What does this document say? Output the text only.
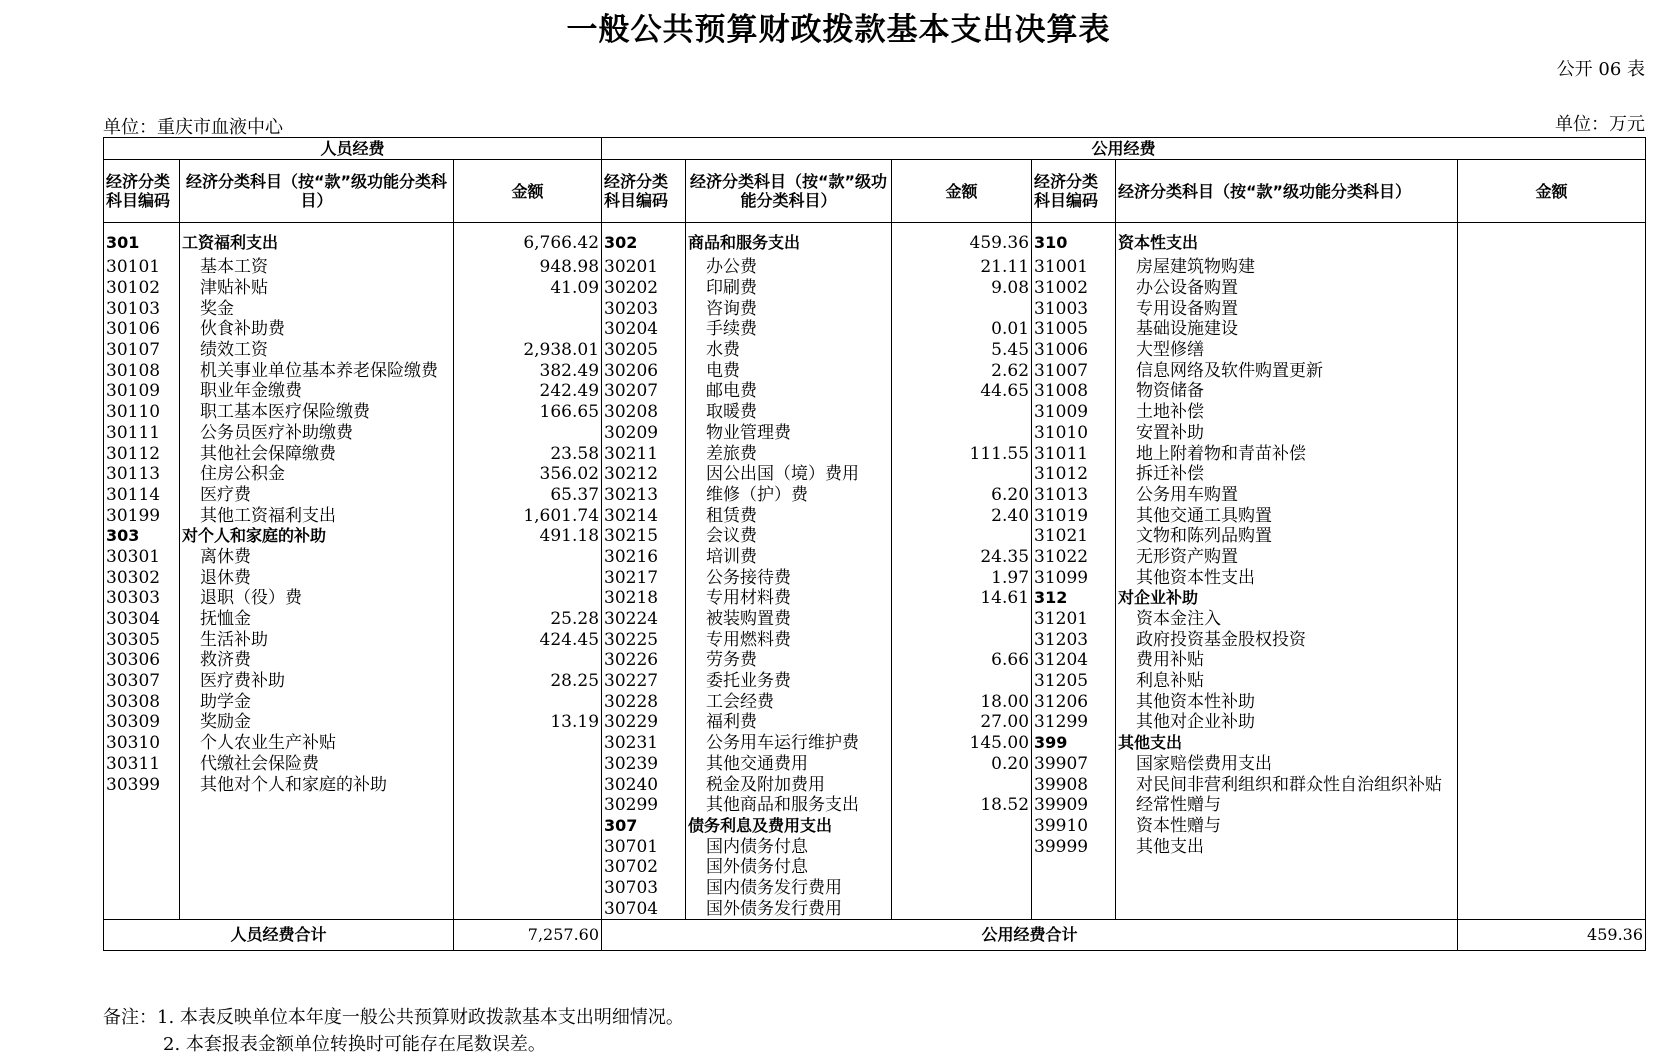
一般公共预算财政拨款基本支出决算表
公开 06 表
单位：重庆市血液中心	单位：万元
人员经费			公用经费					
经济分类科目编码	经济分类科目（按“款”级功能分类科目）	金额	经济分类科目编码	经济分类科目（按“款”级功能分类科目）	金额	经济分类科目编码	经济分类科目（按“款”级功能分类科目）	金额
301	工资福利支出	6,766.42	302	商品和服务支出	459.36	310	资本性支出	
30101	基本工资	948.98	30201	办公费	21.11	31001	房屋建筑物购建	
30102	津贴补贴	41.09	30202	印刷费	9.08	31002	办公设备购置	
30103	奖金		30203	咨询费		31003	专用设备购置	
30106	伙食补助费		30204	手续费	0.01	31005	基础设施建设	
30107	绩效工资	2,938.01	30205	水费	5.45	31006	大型修缮	
30108	机关事业单位基本养老保险缴费	382.49	30206	电费	2.62	31007	信息网络及软件购置更新	
30109	职业年金缴费	242.49	30207	邮电费	44.65	31008	物资储备	
30110	职工基本医疗保险缴费	166.65	30208	取暖费		31009	土地补偿	
30111	公务员医疗补助缴费		30209	物业管理费		31010	安置补助	
30112	其他社会保障缴费	23.58	30211	差旅费	111.55	31011	地上附着物和青苗补偿	
30113	住房公积金	356.02	30212	因公出国（境）费用		31012	拆迁补偿	
30114	医疗费	65.37	30213	维修（护）费	6.20	31013	公务用车购置	
30199	其他工资福利支出	1,601.74	30214	租赁费	2.40	31019	其他交通工具购置	
303	对个人和家庭的补助	491.18	30215	会议费		31021	文物和陈列品购置	
30301	离休费		30216	培训费	24.35	31022	无形资产购置	
30302	退休费		30217	公务接待费	1.97	31099	其他资本性支出	
30303	退职（役）费		30218	专用材料费	14.61	312	对企业补助	
30304	抚恤金	25.28	30224	被装购置费		31201	资本金注入	
30305	生活补助	424.45	30225	专用燃料费		31203	政府投资基金股权投资	
30306	救济费		30226	劳务费	6.66	31204	费用补贴	
30307	医疗费补助	28.25	30227	委托业务费		31205	利息补贴	
30308	助学金		30228	工会经费	18.00	31206	其他资本性补助	
30309	奖励金	13.19	30229	福利费	27.00	31299	其他对企业补助	
30310	个人农业生产补贴		30231	公务用车运行维护费	145.00	399	其他支出	
30311	代缴社会保险费		30239	其他交通费用	0.20	39907	国家赔偿费用支出	
30399	其他对个人和家庭的补助		30240	税金及附加费用		39908	对民间非营利组织和群众性自治组织补贴	
			30299	其他商品和服务支出	18.52	39909	经常性赠与	
			307	债务利息及费用支出		39910	资本性赠与	
			30701	国内债务付息		39999	其他支出	
			30702	国外债务付息				
			30703	国内债务发行费用				
			30704	国外债务发行费用				
人员经费合计		7,257.60	公用经费合计					459.36
备注：1. 本表反映单位本年度一般公共预算财政拨款基本支出明细情况。
2. 本套报表金额单位转换时可能存在尾数误差。
